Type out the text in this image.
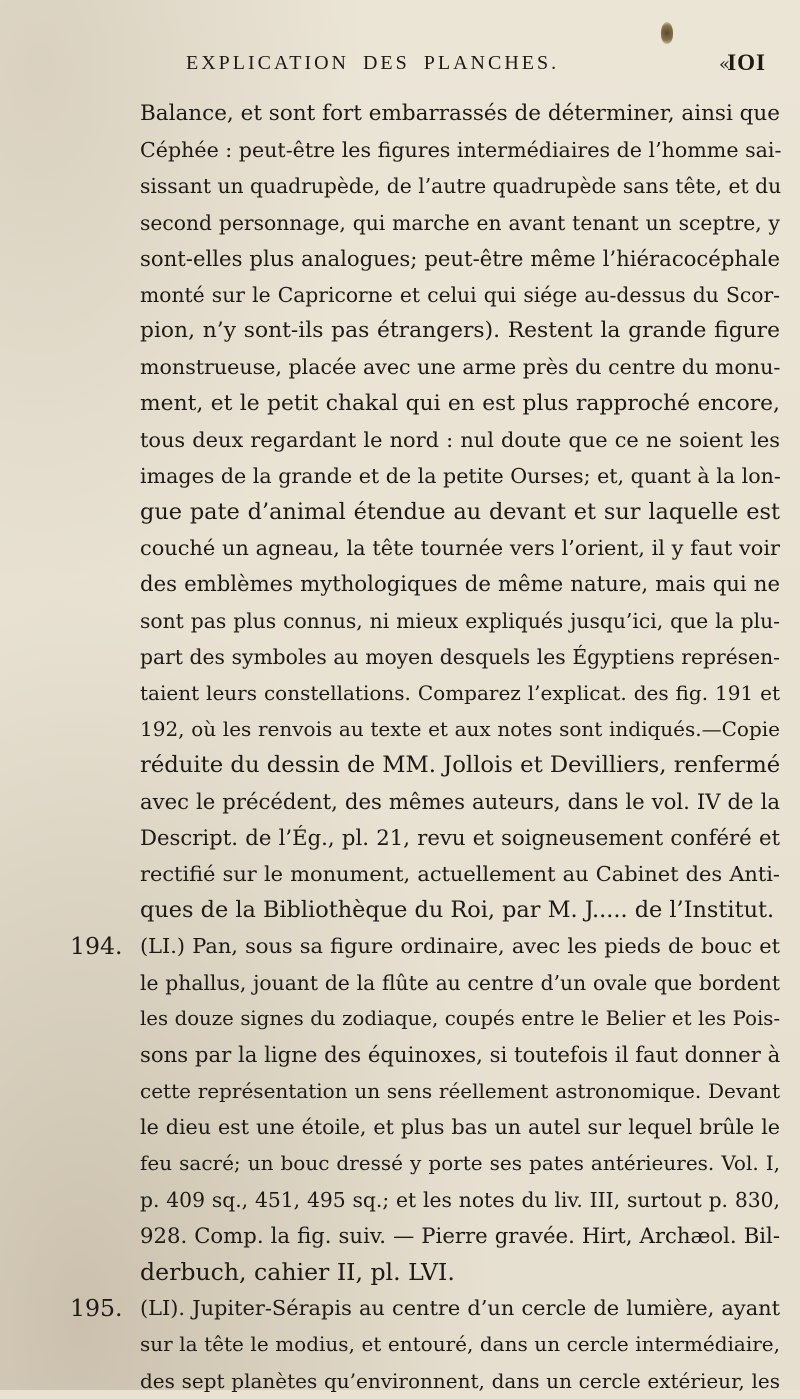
EXPLICATION DES PLANCHES.	«
IOI
Balance, et sont fort embarrassés de déterminer, ainsi que
Céphée : peut-être les figures intermédiaires de l’homme sai-
sissant un quadrupède, de l’autre quadrupède sans tête, et du
second personnage, qui marche en avant tenant un sceptre, y
sont-elles plus analogues; peut-être même l’hiéracocéphale
monté sur le Capricorne et celui qui siége au-dessus du Scor-
pion, n’y sont-ils pas étrangers). Restent la grande figure
monstrueuse, placée avec une arme près du centre du monu-
ment, et le petit chakal qui en est plus rapproché encore,
tous deux regardant le nord : nul doute que ce ne soient les
images de la grande et de la petite Ourses; et, quant à la lon-
gue pate d’animal étendue au devant et sur laquelle est
couché un agneau, la tête tournée vers l’orient, il y faut voir
des emblèmes mythologiques de même nature, mais qui ne
sont pas plus connus, ni mieux expliqués jusqu’ici, que la plu-
part des symboles au moyen desquels les Égyptiens représen-
taient leurs constellations. Comparez l’explicat. des fig. 191 et
192, où les renvois au texte et aux notes sont indiqués.—Copie
réduite du dessin de MM. Jollois et Devilliers, renfermé
avec le précédent, des mêmes auteurs, dans le vol. IV de la
Descript. de l’Ég., pl. 21, revu et soigneusement conféré et
rectifié sur le monument, actuellement au Cabinet des Anti-
ques de la Bibliothèque du Roi, par M. J..... de l’Institut.
194. (LI.) Pan, sous sa figure ordinaire, avec les pieds de bouc et
le phallus, jouant de la flûte au centre d’un ovale que bordent
les douze signes du zodiaque, coupés entre le Belier et les Pois-
sons par la ligne des équinoxes, si toutefois il faut donner à
cette représentation un sens réellement astronomique. Devant
le dieu est une étoile, et plus bas un autel sur lequel brûle le
feu sacré; un bouc dressé y porte ses pates antérieures. Vol. I,
p. 409 sq., 451, 495 sq.; et les notes du liv. III, surtout p. 830,
928. Comp. la fig. suiv. — Pierre gravée. Hirt, Archæol. Bil-
derbuch, cahier II, pl. LVI.
195. (LI). Jupiter-Sérapis au centre d’un cercle de lumière, ayant
sur la tête le modius, et entouré, dans un cercle intermédiaire,
des sept planètes qu’environnent, dans un cercle extérieur, les
